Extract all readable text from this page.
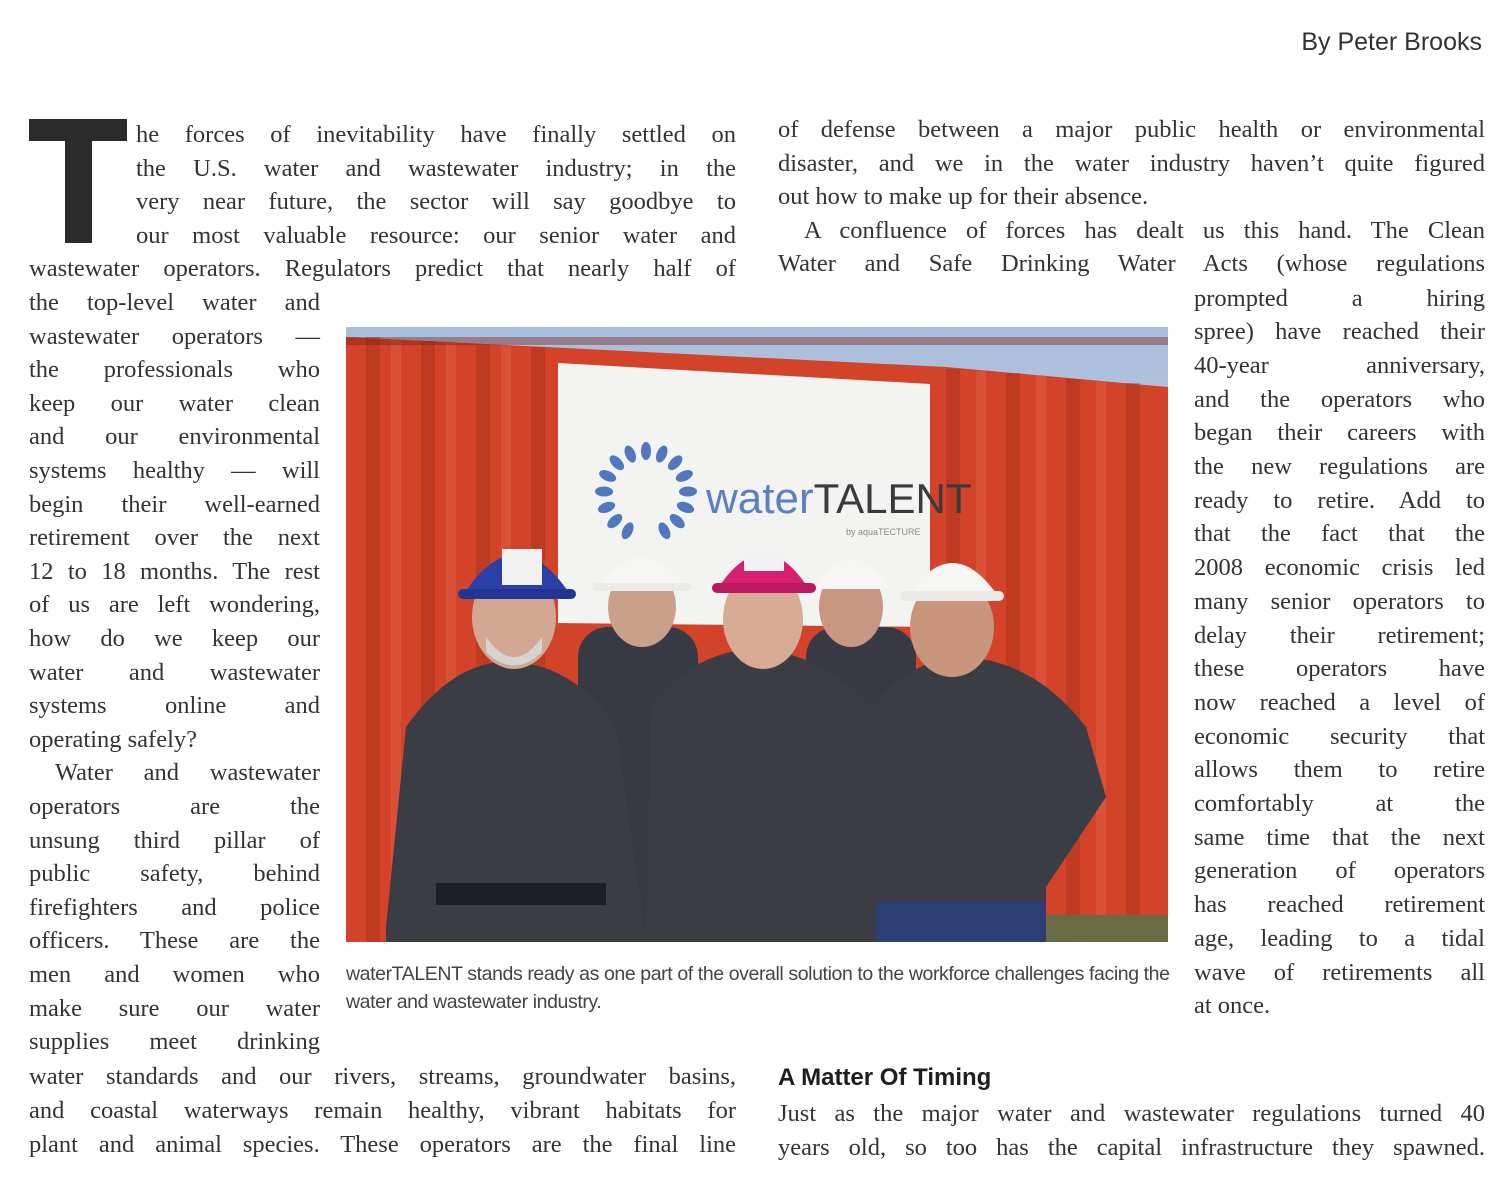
By Peter Brooks
he forces of inevitability have finally settled on
the U.S. water and wastewater industry; in the
very near future, the sector will say goodbye to
our most valuable resource: our senior water and
wastewater operators. Regulators predict that nearly half of
the top-level water and
wastewater operators —
the professionals who
keep our water clean
and our environmental
systems healthy — will
begin their well-earned
retirement over the next
12 to 18 months. The rest
of us are left wondering,
how do we keep our
water and wastewater
systems online and
operating safely?
Water and wastewater
operators are the
unsung third pillar of
public safety, behind
firefighters and police
officers. These are the
men and women who
make sure our water
supplies meet drinking
water standards and our rivers, streams, groundwater basins,
and coastal waterways remain healthy, vibrant habitats for
plant and animal species. These operators are the final line
of defense between a major public health or environmental
disaster, and we in the water industry haven’t quite figured
out how to make up for their absence.
A confluence of forces has dealt us this hand. The Clean
Water and Safe Drinking Water Acts (whose regulations
prompted a hiring
spree) have reached their
40-year anniversary,
and the operators who
began their careers with
the new regulations are
ready to retire. Add to
that the fact that the
2008 economic crisis led
many senior operators to
delay their retirement;
these operators have
now reached a level of
economic security that
allows them to retire
comfortably at the
same time that the next
generation of operators
has reached retirement
age, leading to a tidal
wave of retirements all
at once.
waterTALENT
by aquaTECTURE
waterTALENT stands ready as one part of the overall solution to the workforce challenges facing the water and wastewater industry.
A Matter Of Timing
Just as the major water and wastewater regulations turned 40
years old, so too has the capital infrastructure they spawned.
